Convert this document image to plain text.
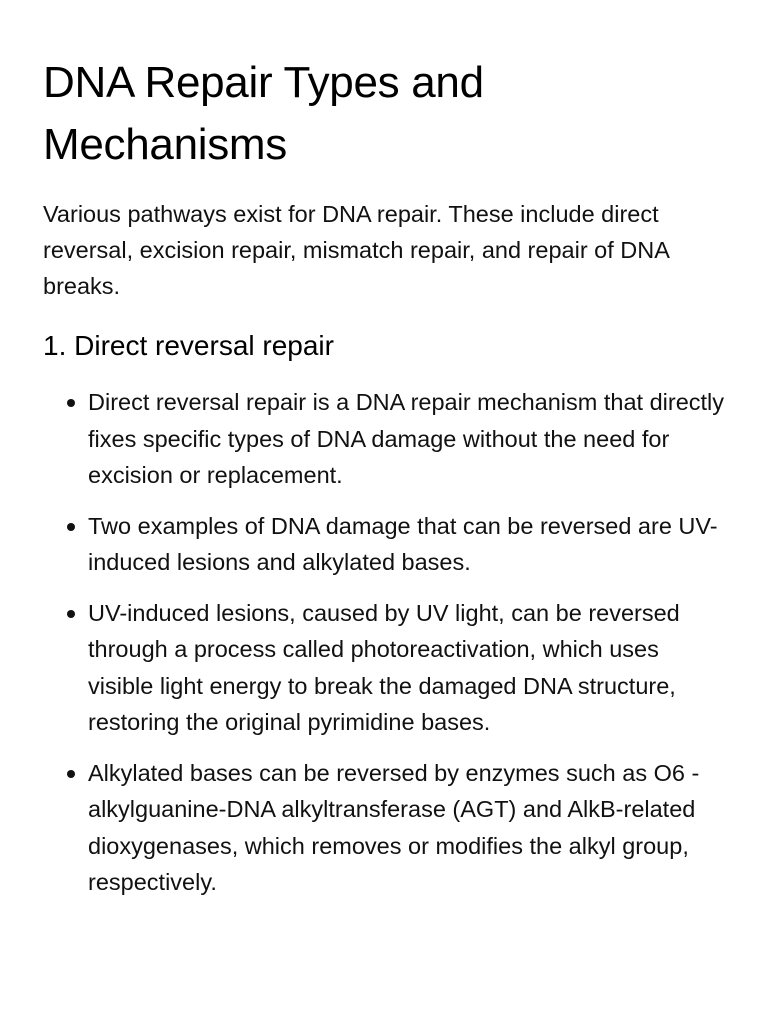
DNA Repair Types and Mechanisms

Various pathways exist for DNA repair. These include direct reversal, excision repair, mismatch repair, and repair of DNA breaks.

1. Direct reversal repair
Direct reversal repair is a DNA repair mechanism that directly fixes specific types of DNA damage without the need for excision or replacement.
Two examples of DNA damage that can be reversed are UV-induced lesions and alkylated bases.
UV-induced lesions, caused by UV light, can be reversed through a process called photoreactivation, which uses visible light energy to break the damaged DNA structure, restoring the original pyrimidine bases.
Alkylated bases can be reversed by enzymes such as O6 -alkylguanine-DNA alkyltransferase (AGT) and AlkB-related dioxygenases, which removes or modifies the alkyl group, respectively.
